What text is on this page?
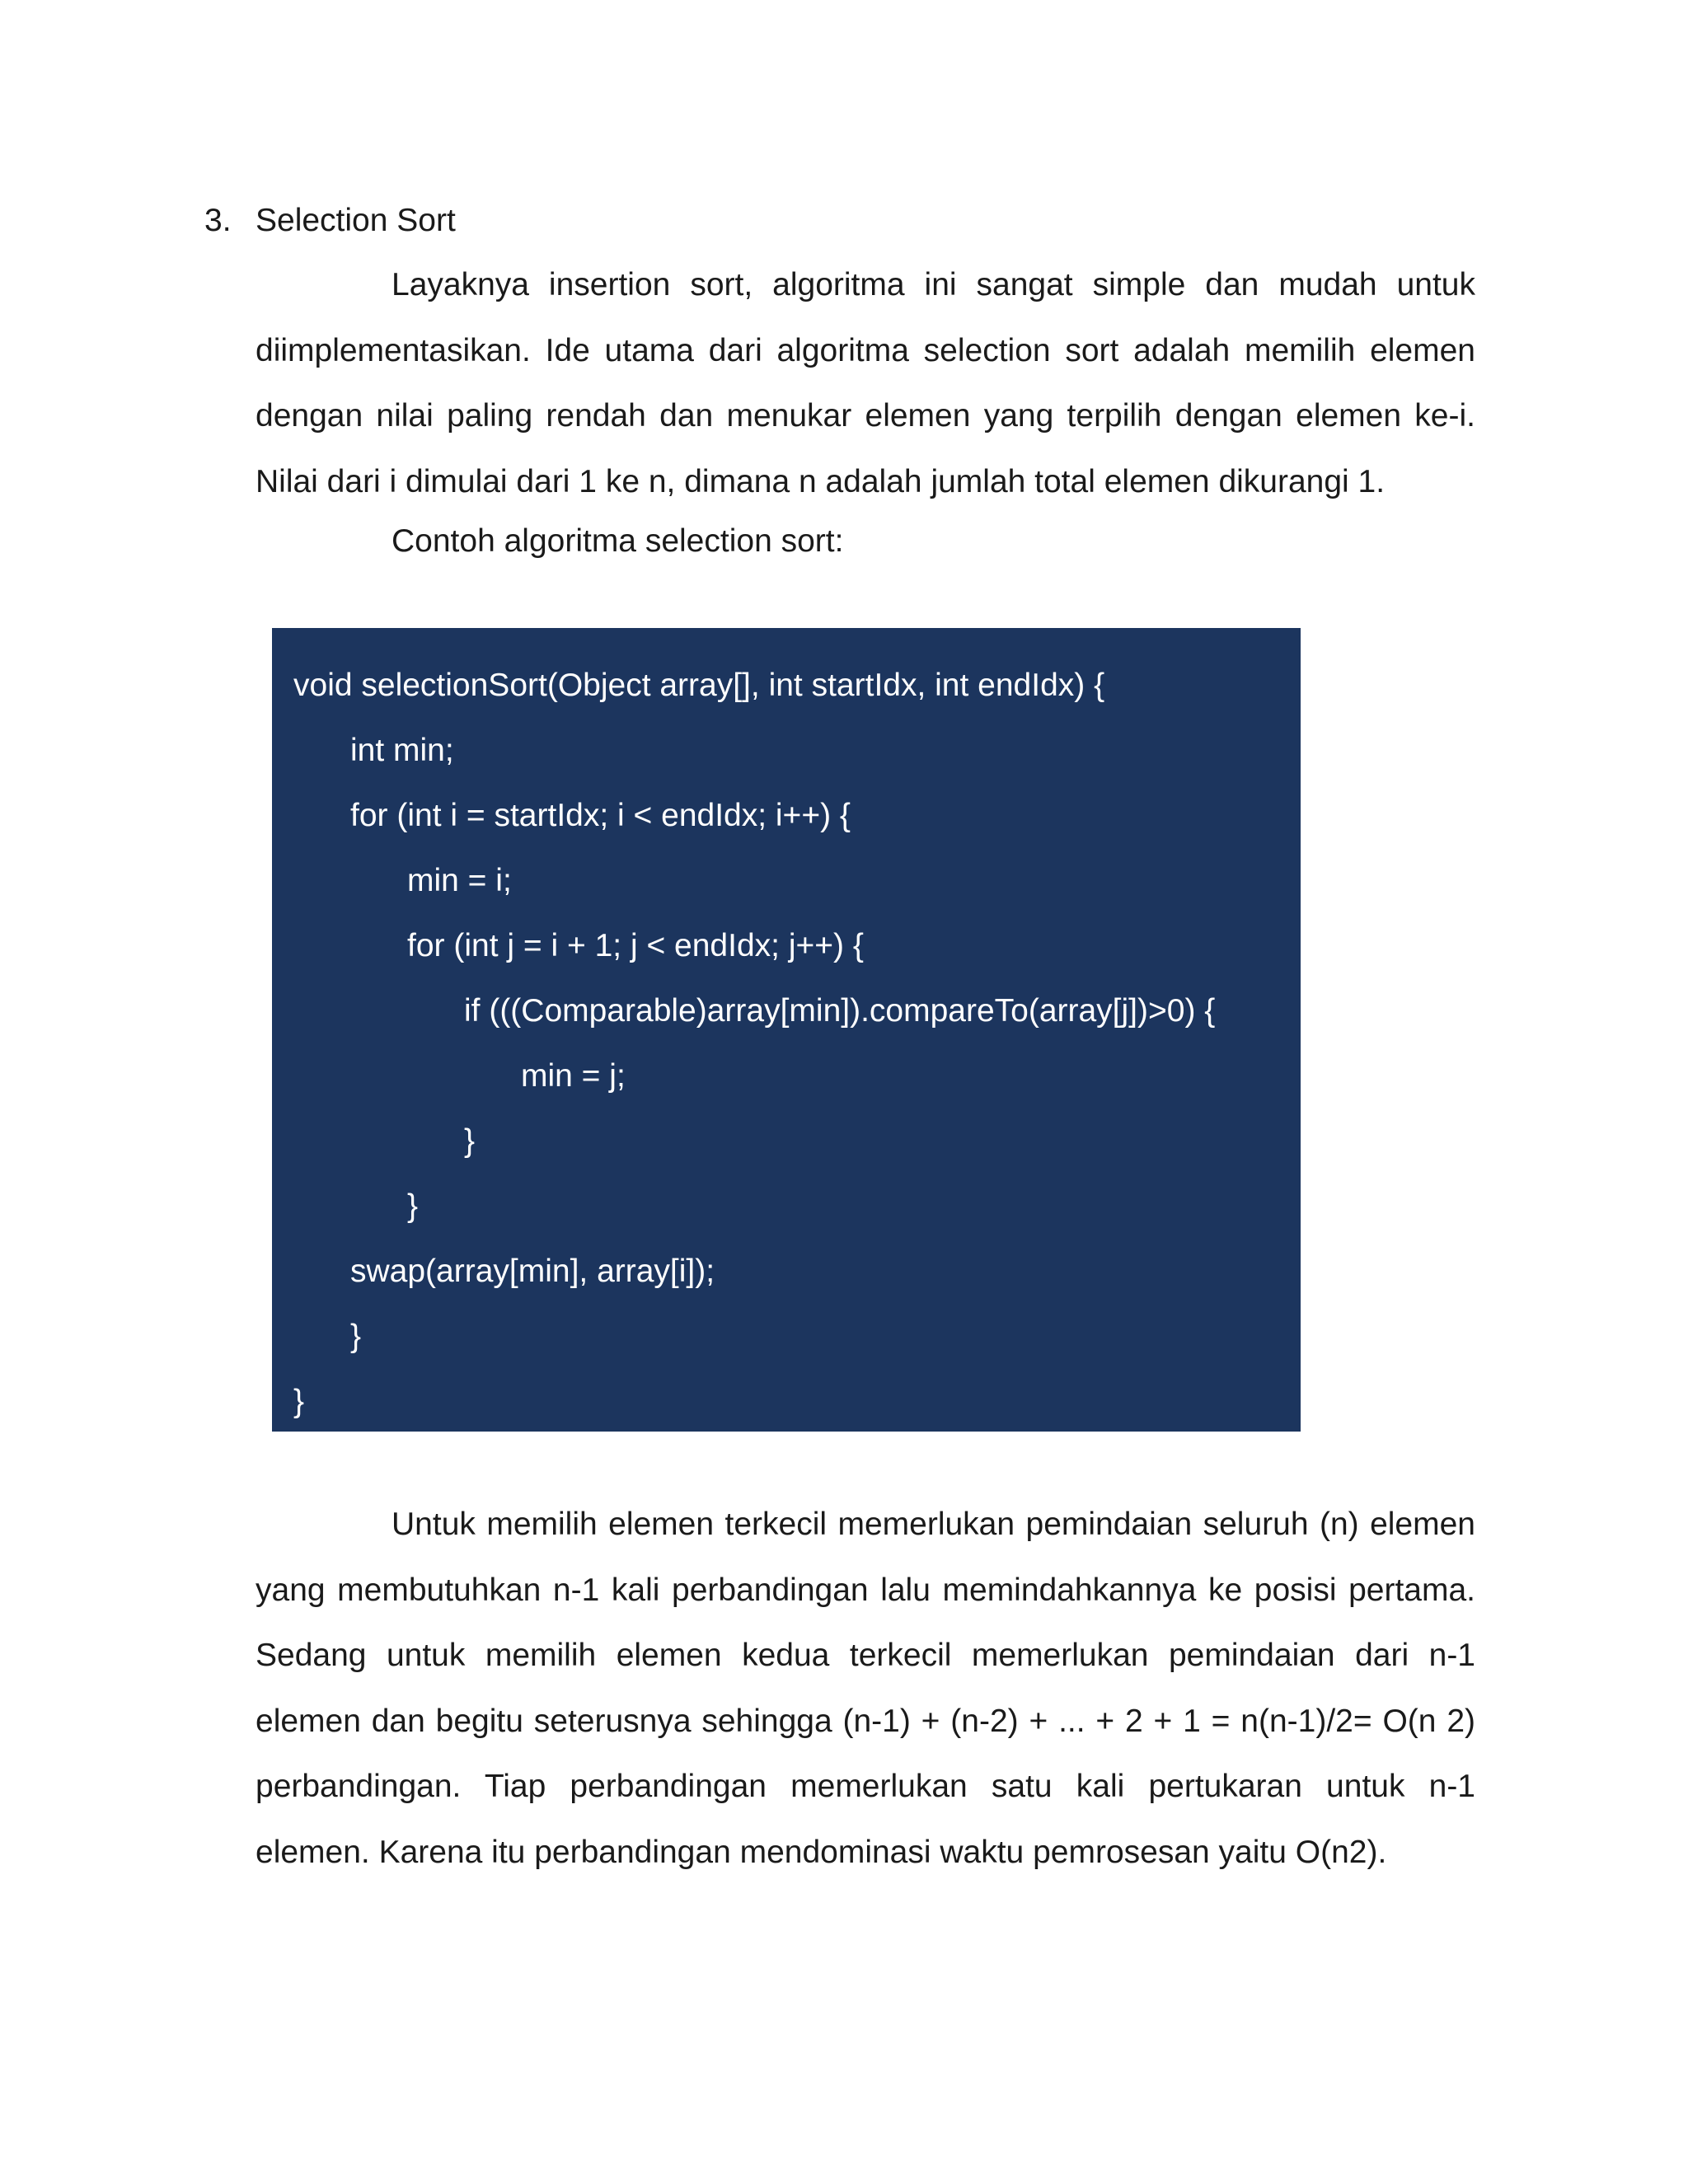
3. Selection Sort

Layaknya insertion sort, algoritma ini sangat simple dan mudah untuk diimplementasikan. Ide utama dari algoritma selection sort adalah memilih elemen dengan nilai paling rendah dan menukar elemen yang terpilih dengan elemen ke-i. Nilai dari i dimulai dari 1 ke n, dimana n adalah jumlah total elemen dikurangi 1.

Contoh algoritma selection sort:
void selectionSort(Object array[], int startIdx, int endIdx) {
int min;
for (int i = startIdx; i < endIdx; i++) {
min = i;
for (int j = i + 1; j < endIdx; j++) {
if (((Comparable)array[min]).compareTo(array[j])>0) {
min = j;
}
}
swap(array[min], array[i]);
}
}

Untuk memilih elemen terkecil memerlukan pemindaian seluruh (n) elemen yang membutuhkan n-1 kali perbandingan lalu memindahkannya ke posisi pertama. Sedang untuk memilih elemen kedua terkecil memerlukan pemindaian dari n-1 elemen dan begitu seterusnya sehingga (n-1) + (n-2) + ... + 2 + 1 = n(n-1)/2= O(n 2) perbandingan. Tiap perbandingan memerlukan satu kali pertukaran untuk n-1 elemen. Karena itu perbandingan mendominasi waktu pemrosesan yaitu O(n2).
